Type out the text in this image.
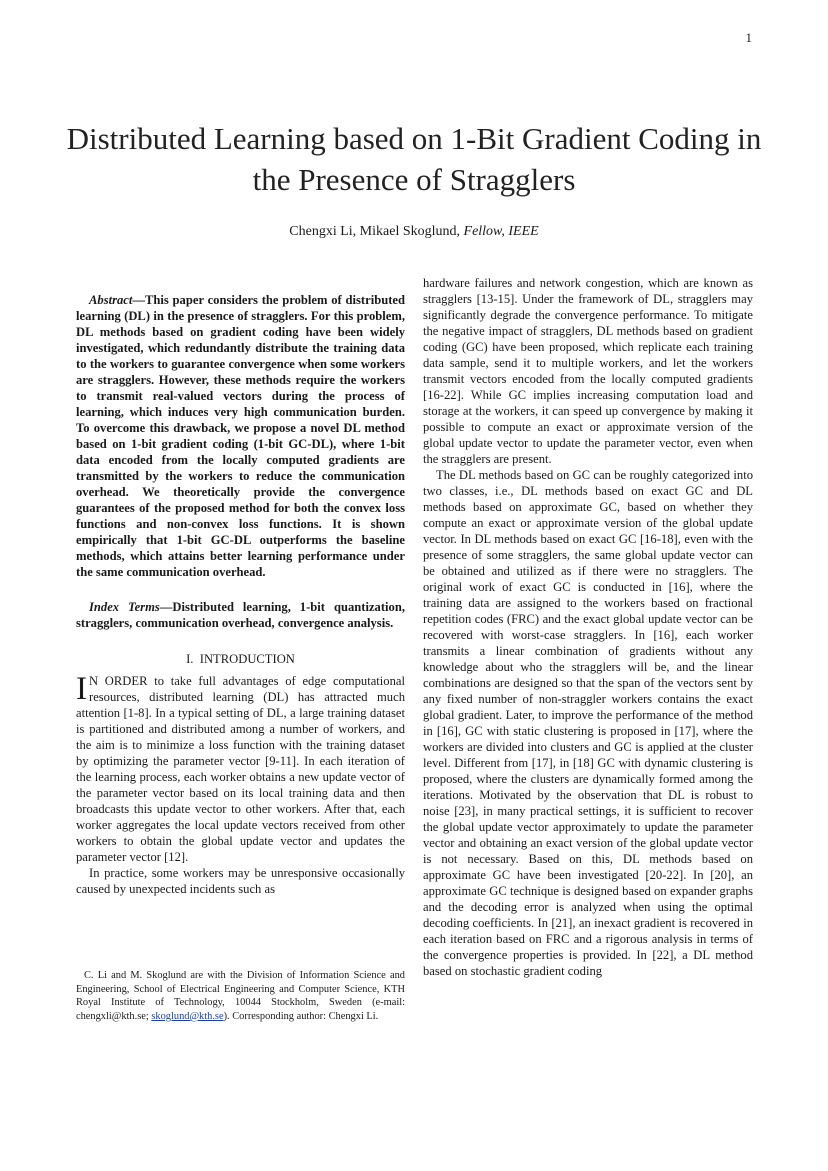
1
Distributed Learning based on 1-Bit Gradient Coding in the Presence of Stragglers
Chengxi Li, Mikael Skoglund, Fellow, IEEE

Abstract—This paper considers the problem of distributed learning (DL) in the presence of stragglers. For this problem, DL methods based on gradient coding have been widely investigated, which redundantly distribute the training data to the workers to guarantee convergence when some workers are stragglers. However, these methods require the workers to transmit real-valued vectors during the process of learning, which induces very high communication burden. To overcome this drawback, we propose a novel DL method based on 1-bit gradient coding (1-bit GC-DL), where 1-bit data encoded from the locally computed gradients are transmitted by the workers to reduce the communication overhead. We theoretically provide the convergence guarantees of the proposed method for both the convex loss functions and non-convex loss functions. It is shown empirically that 1-bit GC-DL outperforms the baseline methods, which attains better learning performance under the same communication overhead.

Index Terms—Distributed learning, 1-bit quantization, stragglers, communication overhead, convergence analysis.

I. INTRODUCTION

I N ORDER to take full advantages of edge computational resources, distributed learning (DL) has attracted much attention [1-8]. In a typical setting of DL, a large training dataset is partitioned and distributed among a number of workers, and the aim is to minimize a loss function with the training dataset by optimizing the parameter vector [9-11]. In each iteration of the learning process, each worker obtains a new update vector of the parameter vector based on its local training data and then broadcasts this update vector to other workers. After that, each worker aggregates the local update vectors received from other workers to obtain the global update vector and updates the parameter vector [12].

In practice, some workers may be unresponsive occasionally caused by unexpected incidents such as

C. Li and M. Skoglund are with the Division of Information Science and Engineering, School of Electrical Engineering and Computer Science, KTH Royal Institute of Technology, 10044 Stockholm, Sweden (e-mail: chengxli@kth.se; skoglund@kth.se). Corresponding author: Chengxi Li.

hardware failures and network congestion, which are known as stragglers [13-15]. Under the framework of DL, stragglers may significantly degrade the convergence performance. To mitigate the negative impact of stragglers, DL methods based on gradient coding (GC) have been proposed, which replicate each training data sample, send it to multiple workers, and let the workers transmit vectors encoded from the locally computed gradients [16-22]. While GC implies increasing computation load and storage at the workers, it can speed up convergence by making it possible to compute an exact or approximate version of the global update vector to update the parameter vector, even when the stragglers are present.

The DL methods based on GC can be roughly categorized into two classes, i.e., DL methods based on exact GC and DL methods based on approximate GC, based on whether they compute an exact or approximate version of the global update vector. In DL methods based on exact GC [16-18], even with the presence of some stragglers, the same global update vector can be obtained and utilized as if there were no stragglers. The original work of exact GC is conducted in [16], where the training data are assigned to the workers based on fractional repetition codes (FRC) and the exact global update vector can be recovered with worst-case stragglers. In [16], each worker transmits a linear combination of gradients without any knowledge about who the stragglers will be, and the linear combinations are designed so that the span of the vectors sent by any fixed number of non-straggler workers contains the exact global gradient. Later, to improve the performance of the method in [16], GC with static clustering is proposed in [17], where the workers are divided into clusters and GC is applied at the cluster level. Different from [17], in [18] GC with dynamic clustering is proposed, where the clusters are dynamically formed among the iterations. Motivated by the observation that DL is robust to noise [23], in many practical settings, it is sufficient to recover the global update vector approximately to update the parameter vector and obtaining an exact version of the global update vector is not necessary. Based on this, DL methods based on approximate GC have been investigated [20-22]. In [20], an approximate GC technique is designed based on expander graphs and the decoding error is analyzed when using the optimal decoding coefficients. In [21], an inexact gradient is recovered in each iteration based on FRC and a rigorous analysis in terms of the convergence properties is provided. In [22], a DL method based on stochastic gradient coding
